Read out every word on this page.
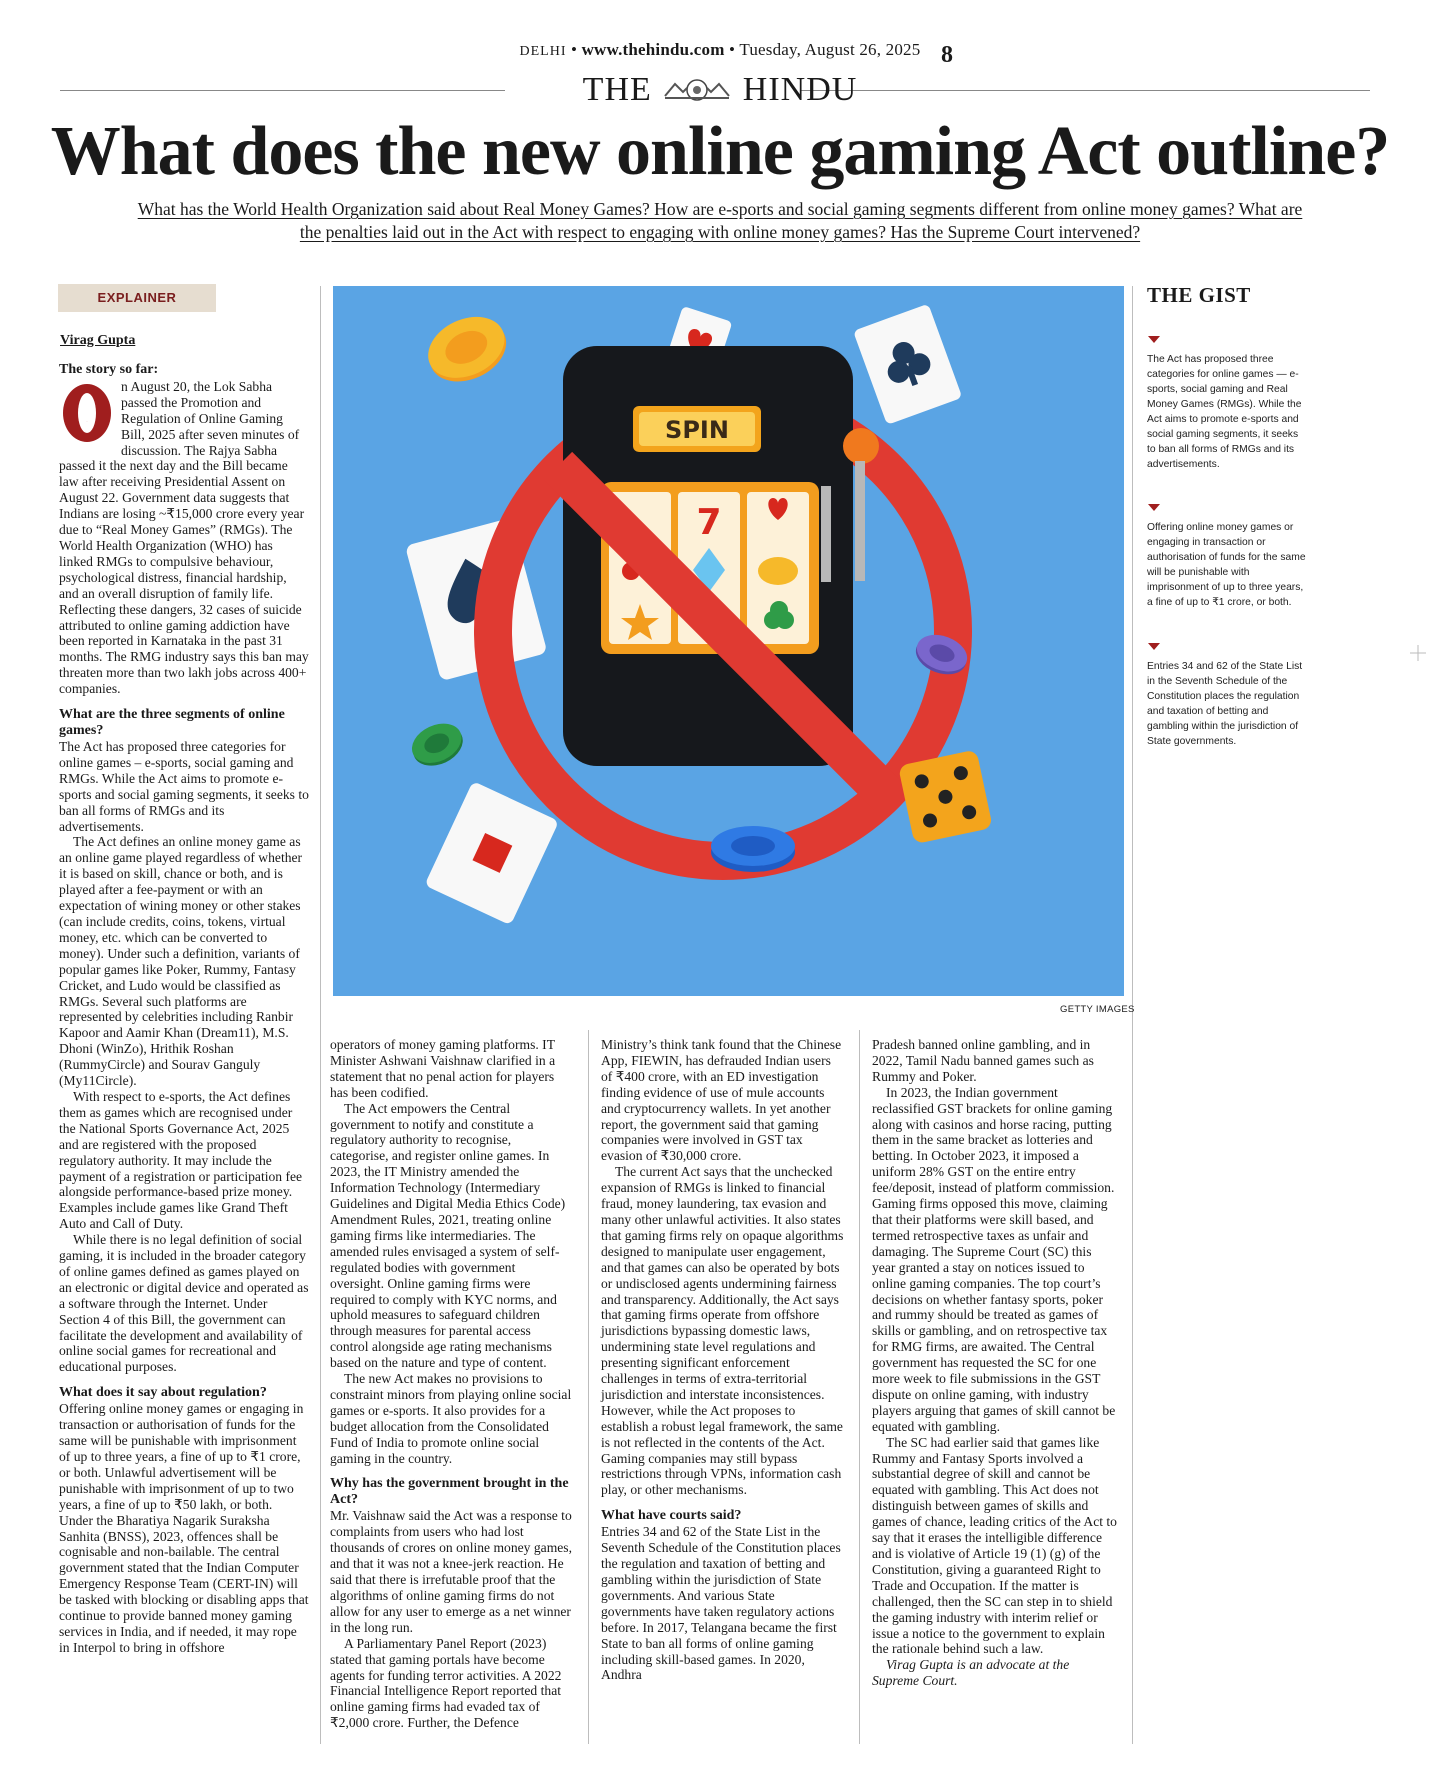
DELHI • www.thehindu.com • Tuesday, August 26, 2025 8
THE	HINDU
What does the new online gaming Act outline?
What has the World Health Organization said about Real Money Games? How are e-sports and social gaming segments different from online money games? What are
the penalties laid out in the Act with respect to engaging with online money games? Has the Supreme Court intervened?
EXPLAINER
Virag Gupta
The story so far:
O

n August 20, the Lok Sabha passed the Promotion and Regulation of Online Gaming Bill, 2025 after seven minutes of discussion. The Rajya Sabha passed it the next day and the Bill became law after receiving Presidential Assent on August 22. Government data suggests that Indians are losing ~₹15,000 crore every year due to “Real Money Games” (RMGs). The World Health Organization (WHO) has linked RMGs to compulsive behaviour, psychological distress, financial hardship, and an overall disruption of family life. Reflecting these dangers, 32 cases of suicide attributed to online gaming addiction have been reported in Karnataka in the past 31 months. The RMG industry says this ban may threaten more than two lakh jobs across 400+ companies.

What are the three segments of online games?

The Act has proposed three categories for online games – e-sports, social gaming and RMGs. While the Act aims to promote e-sports and social gaming segments, it seeks to ban all forms of RMGs and its advertisements.

The Act defines an online money game as an online game played regardless of whether it is based on skill, chance or both, and is played after a fee-payment or with an expectation of wining money or other stakes (can include credits, coins, tokens, virtual money, etc. which can be converted to money). Under such a definition, variants of popular games like Poker, Rummy, Fantasy Cricket, and Ludo would be classified as RMGs. Several such platforms are represented by celebrities including Ranbir Kapoor and Aamir Khan (Dream11), M.S. Dhoni (WinZo), Hrithik Roshan (RummyCircle) and Sourav Ganguly (My11Circle).

With respect to e-sports, the Act defines them as games which are recognised under the National Sports Governance Act, 2025 and are registered with the proposed regulatory authority. It may include the payment of a registration or participation fee alongside performance-based prize money. Examples include games like Grand Theft Auto and Call of Duty.

While there is no legal definition of social gaming, it is included in the broader category of online games defined as games played on an electronic or digital device and operated as a software through the Internet. Under Section 4 of this Bill, the government can facilitate the development and availability of online social games for recreational and educational purposes.

What does it say about regulation?

Offering online money games or engaging in transaction or authorisation of funds for the same will be punishable with imprisonment of up to three years, a fine of up to ₹1 crore, or both. Unlawful advertisement will be punishable with imprisonment of up to two years, a fine of up to ₹50 lakh, or both. Under the Bharatiya Nagarik Suraksha Sanhita (BNSS), 2023, offences shall be cognisable and non-bailable. The central government stated that the Indian Computer Emergency Response Team (CERT-IN) will be tasked with blocking or disabling apps that continue to provide banned money gaming services in India, and if needed, it may rope in Interpol to bring in offshore

SPIN
7
GETTY IMAGES

operators of money gaming platforms. IT Minister Ashwani Vaishnaw clarified in a statement that no penal action for players has been codified.

The Act empowers the Central government to notify and constitute a regulatory authority to recognise, categorise, and register online games. In 2023, the IT Ministry amended the Information Technology (Intermediary Guidelines and Digital Media Ethics Code) Amendment Rules, 2021, treating online gaming firms like intermediaries. The amended rules envisaged a system of self-regulated bodies with government oversight. Online gaming firms were required to comply with KYC norms, and uphold measures to safeguard children through measures for parental access control alongside age rating mechanisms based on the nature and type of content.

The new Act makes no provisions to constraint minors from playing online social games or e-sports. It also provides for a budget allocation from the Consolidated Fund of India to promote online social gaming in the country.

Why has the government brought in the Act?

Mr. Vaishnaw said the Act was a response to complaints from users who had lost thousands of crores on online money games, and that it was not a knee-jerk reaction. He said that there is irrefutable proof that the algorithms of online gaming firms do not allow for any user to emerge as a net winner in the long run.

A Parliamentary Panel Report (2023) stated that gaming portals have become agents for funding terror activities. A 2022 Financial Intelligence Report reported that online gaming firms had evaded tax of ₹2,000 crore. Further, the Defence

Ministry’s think tank found that the Chinese App, FIEWIN, has defrauded Indian users of ₹400 crore, with an ED investigation finding evidence of use of mule accounts and cryptocurrency wallets. In yet another report, the government said that gaming companies were involved in GST tax evasion of ₹30,000 crore.

The current Act says that the unchecked expansion of RMGs is linked to financial fraud, money laundering, tax evasion and many other unlawful activities. It also states that gaming firms rely on opaque algorithms designed to manipulate user engagement, and that games can also be operated by bots or undisclosed agents undermining fairness and transparency. Additionally, the Act says that gaming firms operate from offshore jurisdictions bypassing domestic laws, undermining state level regulations and presenting significant enforcement challenges in terms of extra-territorial jurisdiction and interstate inconsistences. However, while the Act proposes to establish a robust legal framework, the same is not reflected in the contents of the Act. Gaming companies may still bypass restrictions through VPNs, information cash play, or other mechanisms.

What have courts said?

Entries 34 and 62 of the State List in the Seventh Schedule of the Constitution places the regulation and taxation of betting and gambling within the jurisdiction of State governments. And various State governments have taken regulatory actions before. In 2017, Telangana became the first State to ban all forms of online gaming including skill-based games. In 2020, Andhra

Pradesh banned online gambling, and in 2022, Tamil Nadu banned games such as Rummy and Poker.

In 2023, the Indian government reclassified GST brackets for online gaming along with casinos and horse racing, putting them in the same bracket as lotteries and betting. In October 2023, it imposed a uniform 28% GST on the entire entry fee/deposit, instead of platform commission. Gaming firms opposed this move, claiming that their platforms were skill based, and termed retrospective taxes as unfair and damaging. The Supreme Court (SC) this year granted a stay on notices issued to online gaming companies. The top court’s decisions on whether fantasy sports, poker and rummy should be treated as games of skills or gambling, and on retrospective tax for RMG firms, are awaited. The Central government has requested the SC for one more week to file submissions in the GST dispute on online gaming, with industry players arguing that games of skill cannot be equated with gambling.

The SC had earlier said that games like Rummy and Fantasy Sports involved a substantial degree of skill and cannot be equated with gambling. This Act does not distinguish between games of skills and games of chance, leading critics of the Act to say that it erases the intelligible difference and is violative of Article 19 (1) (g) of the Constitution, giving a guaranteed Right to Trade and Occupation. If the matter is challenged, then the SC can step in to shield the gaming industry with interim relief or issue a notice to the government to explain the rationale behind such a law.

Virag Gupta is an advocate at the Supreme Court.

THE GIST
The Act has proposed three categories for online games — e-sports, social gaming and Real Money Games (RMGs). While the Act aims to promote e-sports and social gaming segments, it seeks to ban all forms of RMGs and its advertisements.
Offering online money games or engaging in transaction or authorisation of funds for the same will be punishable with imprisonment of up to three years, a fine of up to ₹1 crore, or both.
Entries 34 and 62 of the State List in the Seventh Schedule of the Constitution places the regulation and taxation of betting and gambling within the jurisdiction of State governments.
